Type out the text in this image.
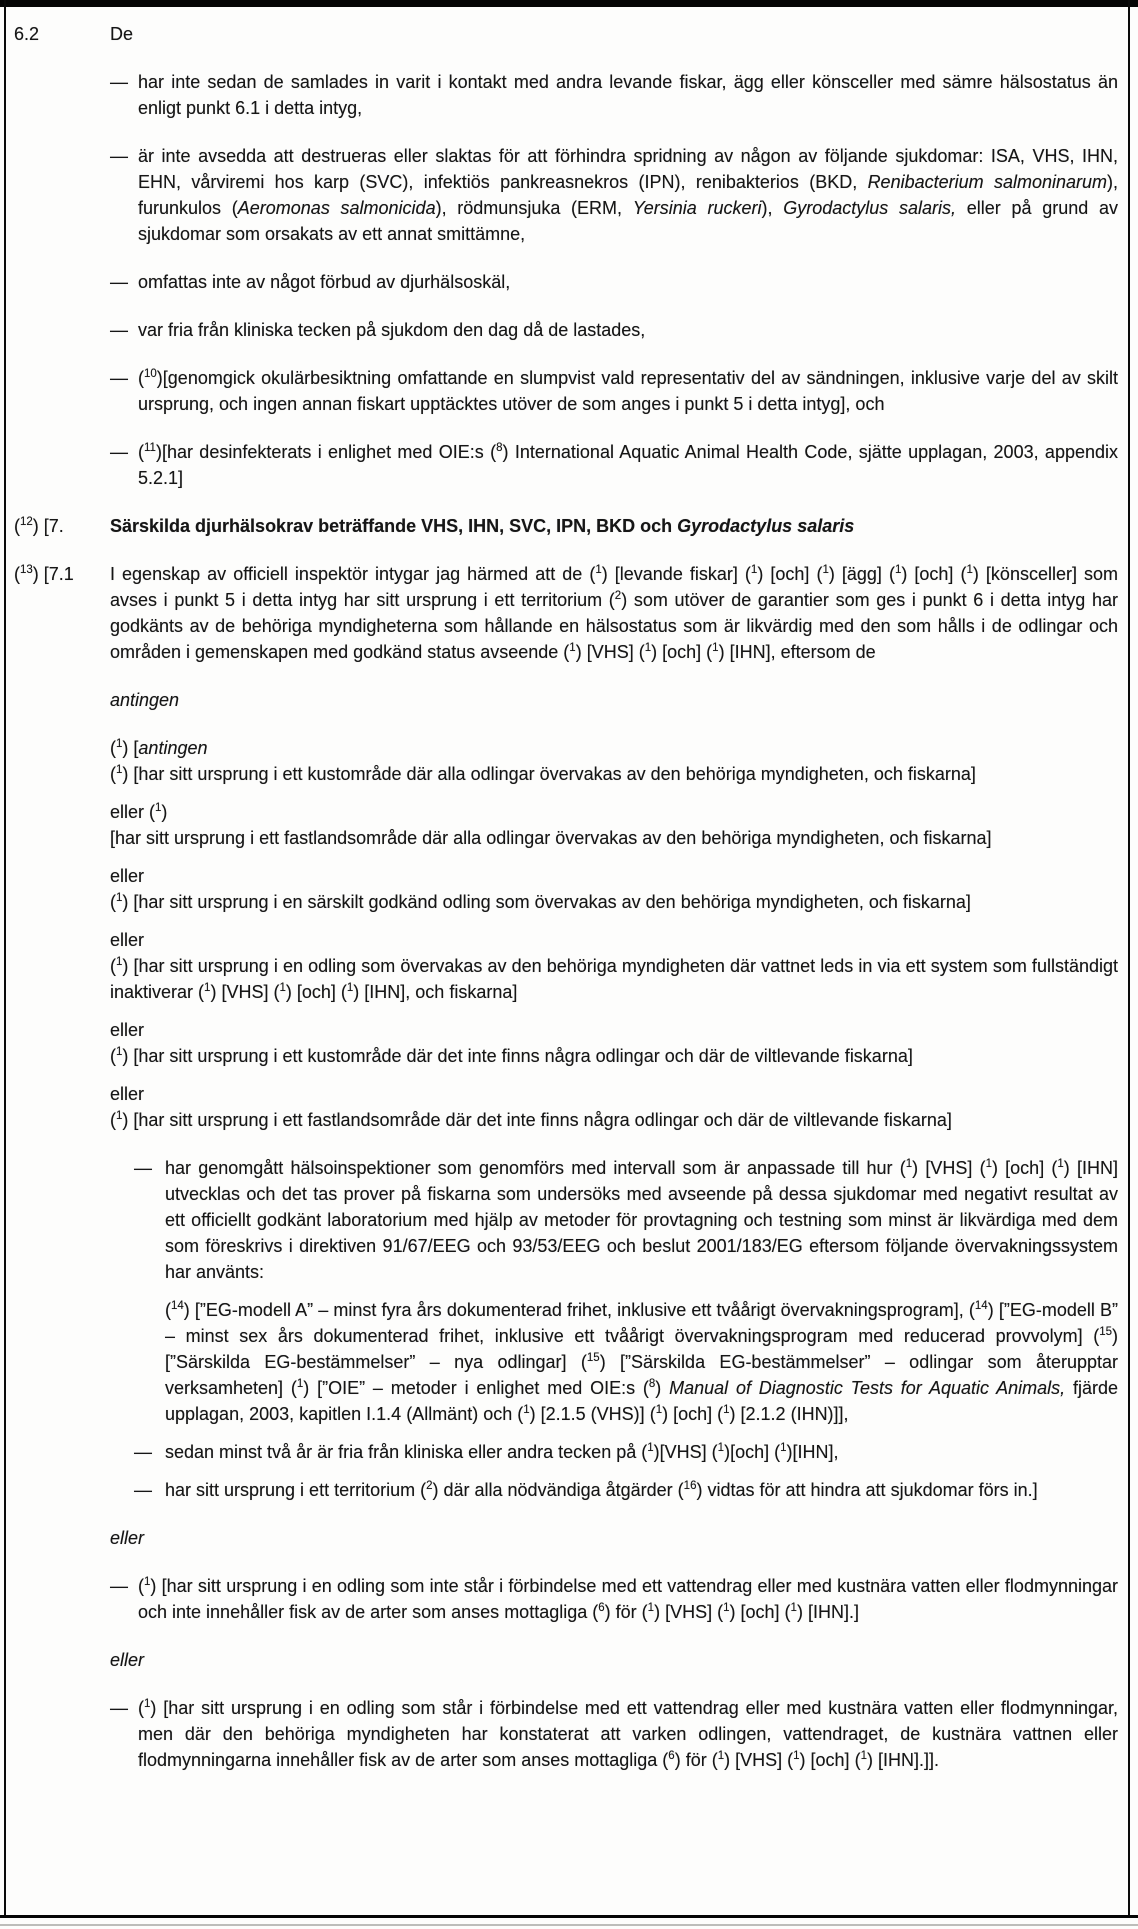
6.2	De
— har inte sedan de samlades in varit i kontakt med andra levande fiskar, ägg eller könsceller med sämre hälsostatus än enligt punkt 6.1 i detta intyg,
— är inte avsedda att destrueras eller slaktas för att förhindra spridning av någon av följande sjukdomar: ISA, VHS, IHN, EHN, vårviremi hos karp (SVC), infektiös pankreasnekros (IPN), renibakterios (BKD, Renibacterium salmoninarum), furunkulos (Aeromonas salmonicida), rödmunsjuka (ERM, Yersinia ruckeri), Gyrodactylus salaris, eller på grund av sjukdomar som orsakats av ett annat smittämne,
— omfattas inte av något förbud av djurhälsoskäl,
— var fria från kliniska tecken på sjukdom den dag då de lastades,
— ($^{10}$)[genomgick okulärbesiktning omfattande en slumpvist vald representativ del av sändningen, inklusive varje del av skilt ursprung, och ingen annan fiskart upptäcktes utöver de som anges i punkt 5 i detta intyg], och
— ($^{11}$)[har desinfekterats i enlighet med OIE:s ($^8$) International Aquatic Animal Health Code, sjätte upplagan, 2003, appendix 5.2.1]
($^{12}$) [7.	Särskilda djurhälsokrav beträffande VHS, IHN, SVC, IPN, BKD och Gyrodactylus salaris
($^{13}$) [7.1	I egenskap av officiell inspektör intygar jag härmed att de ($^1$) [levande fiskar] ($^1$) [och] ($^1$) [ägg] ($^1$) [och] ($^1$) [könsceller] som avses i punkt 5 i detta intyg har sitt ursprung i ett territorium ($^2$) som utöver de garantier som ges i punkt 6 i detta intyg har godkänts av de behöriga myndigheterna som hållande en hälsostatus som är likvärdig med den som hålls i de odlingar och områden i gemenskapen med godkänd status avseende ($^1$) [VHS] ($^1$) [och] ($^1$) [IHN], eftersom de
antingen
($^1$) [antingen
($^1$) [har sitt ursprung i ett kustområde där alla odlingar övervakas av den behöriga myndigheten, och fiskarna]
eller ($^1$)
[har sitt ursprung i ett fastlandsområde där alla odlingar övervakas av den behöriga myndigheten, och fiskarna]
eller
($^1$) [har sitt ursprung i en särskilt godkänd odling som övervakas av den behöriga myndigheten, och fiskarna]
eller
($^1$) [har sitt ursprung i en odling som övervakas av den behöriga myndigheten där vattnet leds in via ett system som fullständigt inaktiverar ($^1$) [VHS] ($^1$) [och] ($^1$) [IHN], och fiskarna]
eller
($^1$) [har sitt ursprung i ett kustområde där det inte finns några odlingar och där de viltlevande fiskarna]
eller
($^1$) [har sitt ursprung i ett fastlandsområde där det inte finns några odlingar och där de viltlevande fiskarna]
— har genomgått hälsoinspektioner som genomförs med intervall som är anpassade till hur ($^1$) [VHS] ($^1$) [och] ($^1$) [IHN] utvecklas och det tas prover på fiskarna som undersöks med avseende på dessa sjukdomar med negativt resultat av ett officiellt godkänt laboratorium med hjälp av metoder för provtagning och testning som minst är likvärdiga med dem som föreskrivs i direktiven 91/67/EEG och 93/53/EEG och beslut 2001/183/EG eftersom följande övervakningssystem har använts:
($^{14}$) [”EG-modell A” – minst fyra års dokumenterad frihet, inklusive ett tvåårigt övervakningsprogram], ($^{14}$) [”EG-modell B” – minst sex års dokumenterad frihet, inklusive ett tvåårigt övervakningsprogram med reducerad provvolym] ($^{15}$) [”Särskilda EG-bestämmelser” – nya odlingar] ($^{15}$) [”Särskilda EG-bestämmelser” – odlingar som återupptar verksamheten] ($^1$) [”OIE” – metoder i enlighet med OIE:s ($^8$) Manual of Diagnostic Tests for Aquatic Animals, fjärde upplagan, 2003, kapitlen I.1.4 (Allmänt) och ($^1$) [2.1.5 (VHS)] ($^1$) [och] ($^1$) [2.1.2 (IHN)]],
— sedan minst två år är fria från kliniska eller andra tecken på ($^1$)[VHS] ($^1$)[och] ($^1$)[IHN],
— har sitt ursprung i ett territorium ($^2$) där alla nödvändiga åtgärder ($^{16}$) vidtas för att hindra att sjukdomar förs in.]
eller
— ($^1$) [har sitt ursprung i en odling som inte står i förbindelse med ett vattendrag eller med kustnära vatten eller flodmynningar och inte innehåller fisk av de arter som anses mottagliga ($^6$) för ($^1$) [VHS] ($^1$) [och] ($^1$) [IHN].]
eller
— ($^1$) [har sitt ursprung i en odling som står i förbindelse med ett vattendrag eller med kustnära vatten eller flodmynningar, men där den behöriga myndigheten har konstaterat att varken odlingen, vattendraget, de kustnära vattnen eller flodmynningarna innehåller fisk av de arter som anses mottagliga ($^6$) för ($^1$) [VHS] ($^1$) [och] ($^1$) [IHN].]].
